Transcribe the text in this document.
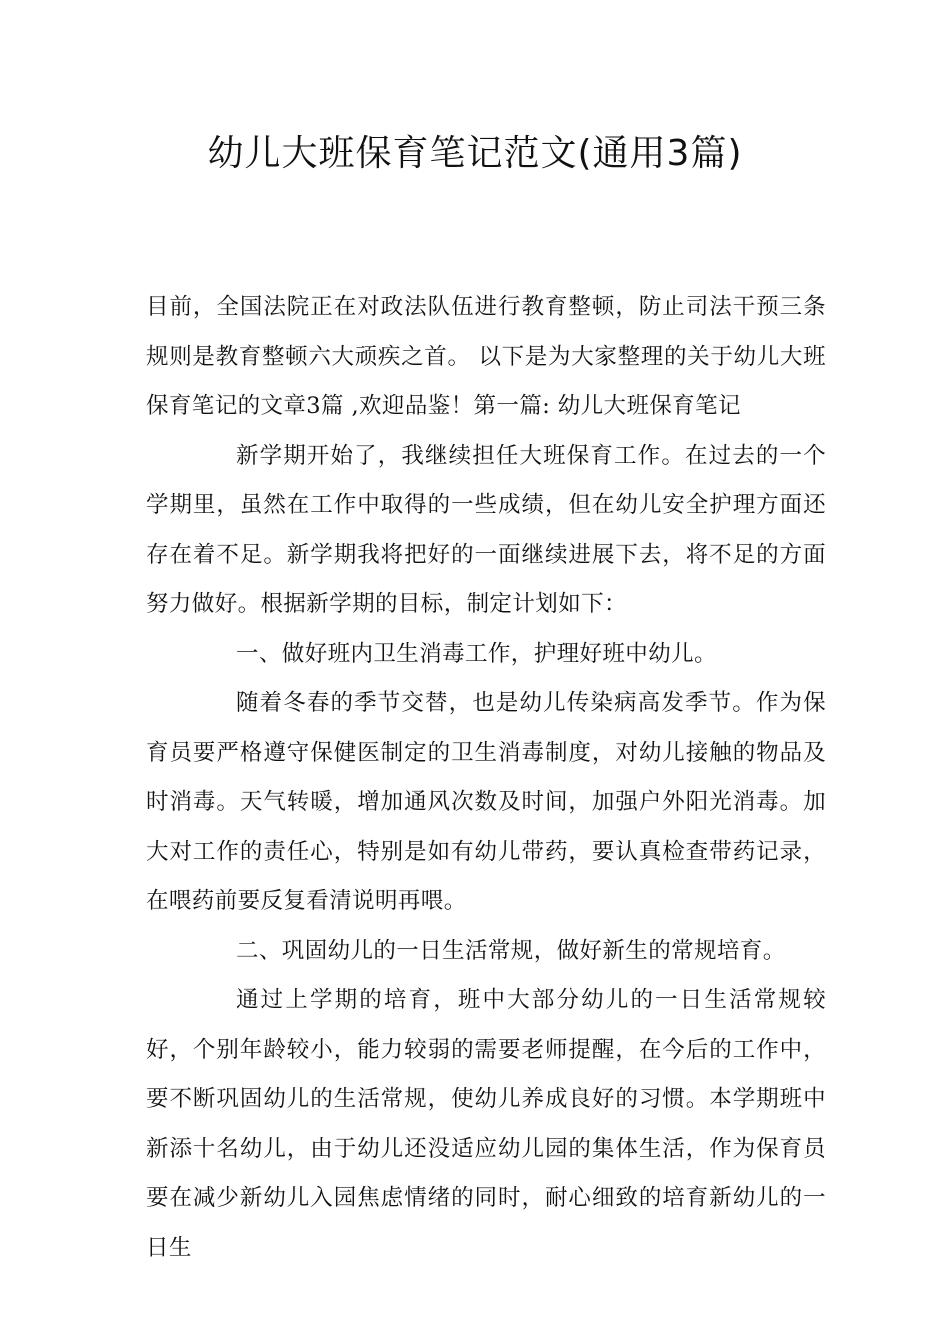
幼儿大班保育笔记范文(通用3篇)

目前，全国法院正在对政法队伍进行教育整顿，防止司法干预三条规则是教育整顿六大顽疾之首。 以下是为大家整理的关于幼儿大班保育笔记的文章3篇 ,欢迎品鉴！第一篇: 幼儿大班保育笔记

新学期开始了，我继续担任大班保育工作。在过去的一个学期里，虽然在工作中取得的一些成绩，但在幼儿安全护理方面还存在着不足。新学期我将把好的一面继续进展下去，将不足的方面努力做好。根据新学期的目标，制定计划如下：

一、做好班内卫生消毒工作，护理好班中幼儿。

随着冬春的季节交替，也是幼儿传染病高发季节。作为保育员要严格遵守保健医制定的卫生消毒制度，对幼儿接触的物品及时消毒。天气转暖，增加通风次数及时间，加强户外阳光消毒。加大对工作的责任心，特别是如有幼儿带药，要认真检查带药记录，在喂药前要反复看清说明再喂。

二、巩固幼儿的一日生活常规，做好新生的常规培育。

通过上学期的培育，班中大部分幼儿的一日生活常规较好，个别年龄较小，能力较弱的需要老师提醒，在今后的工作中，要不断巩固幼儿的生活常规，使幼儿养成良好的习惯。本学期班中新添十名幼儿，由于幼儿还没适应幼儿园的集体生活，作为保育员要在减少新幼儿入园焦虑情绪的同时，耐心细致的培育新幼儿的一日生
